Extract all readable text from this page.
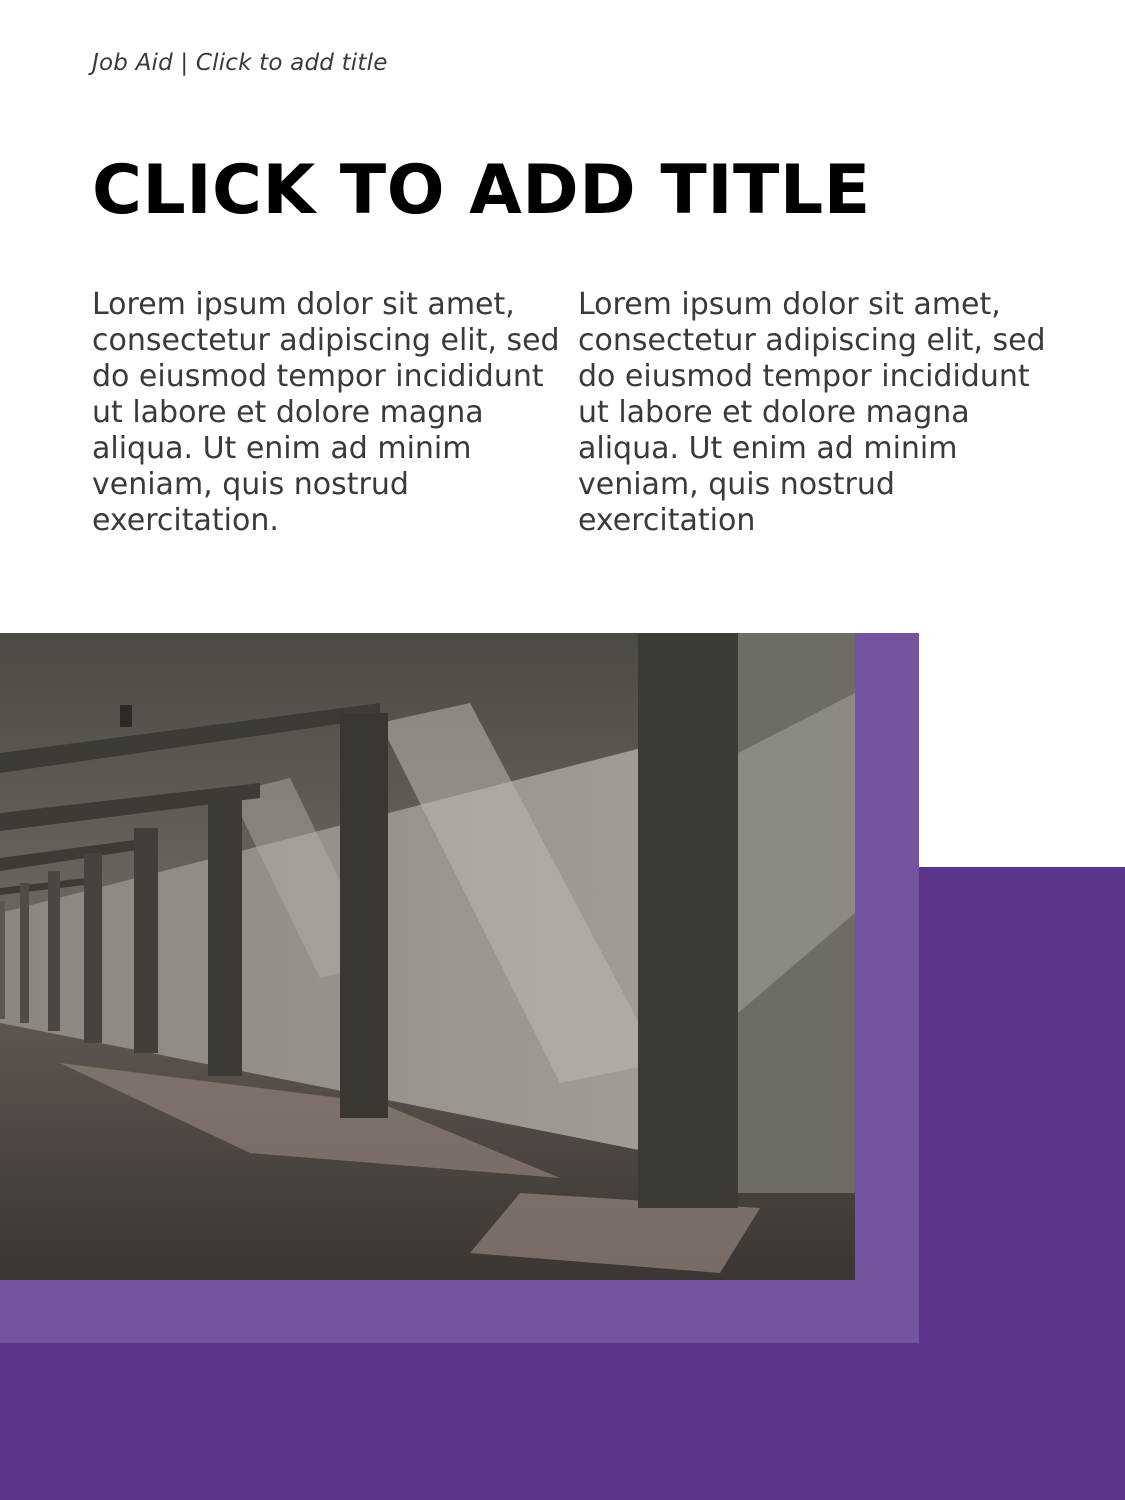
Job Aid | Click to add title
CLICK TO ADD TITLE

Lorem ipsum dolor sit amet, consectetur adipiscing elit, sed do eiusmod tempor incididunt ut labore et dolore magna aliqua. Ut enim ad minim veniam, quis nostrud exercitation.

Lorem ipsum dolor sit amet, consectetur adipiscing elit, sed do eiusmod tempor incididunt ut labore et dolore magna aliqua. Ut enim ad minim veniam, quis nostrud exercitation
